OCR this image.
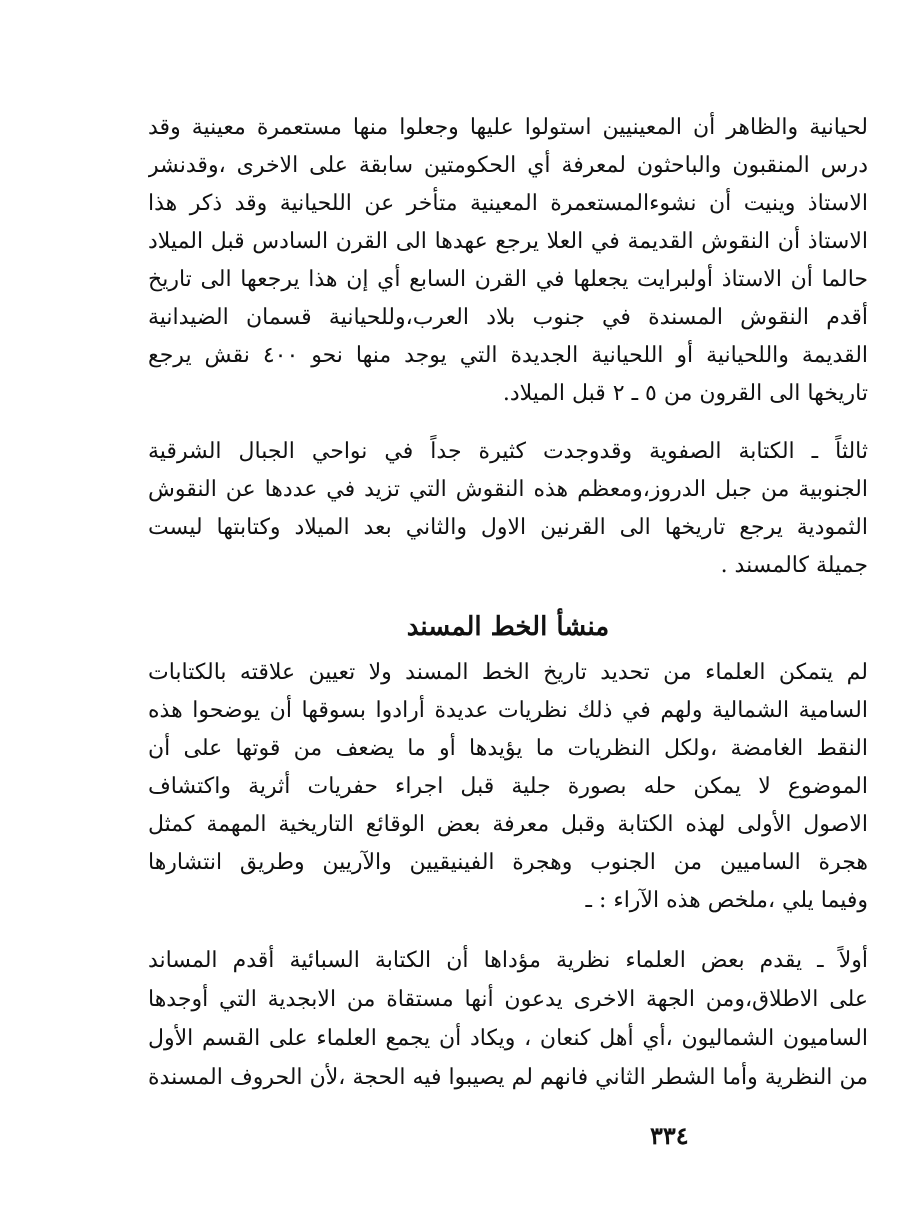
لحيانية والظاهر أن المعينيين استولوا عليها وجعلوا منها مستعمرة معينية وقد
درس المنقبون والباحثون لمعرفة أي الحكومتين سابقة على الاخرى ،وقدنشر
الاستاذ وينيت أن نشوءالمستعمرة المعينية متأخر عن اللحيانية وقد ذكر هذا
الاستاذ أن النقوش القديمة في العلا يرجع عهدها الى القرن السادس قبل الميلاد
حالما أن الاستاذ أولبرايت يجعلها في القرن السابع أي إن هذا يرجعها الى تاريخ
أقدم النقوش المسندة في جنوب بلاد العرب،وللحيانية قسمان الضيدانية
القديمة واللحيانية أو اللحيانية الجديدة التي يوجد منها نحو ٤٠٠ نقش يرجع
تاريخها الى القرون من ٥ ـ ٢ قبل الميلاد.
ثالثاً ـ الكتابة الصفوية وقدوجدت كثيرة جداً في نواحي الجبال الشرقية
الجنوبية من جبل الدروز،ومعظم هذه النقوش التي تزيد في عددها عن النقوش
الثمودية يرجع تاريخها الى القرنين الاول والثاني بعد الميلاد وكتابتها ليست
جميلة كالمسند .
منشأ الخط المسند
لم يتمكن العلماء من تحديد تاريخ الخط المسند ولا تعيين علاقته بالكتابات
السامية الشمالية ولهم في ذلك نظريات عديدة أرادوا بسوقها أن يوضحوا هذه
النقط الغامضة ،ولكل النظريات ما يؤيدها أو ما يضعف من قوتها على أن
الموضوع لا يمكن حله بصورة جلية قبل اجراء حفريات أثرية واكتشاف
الاصول الأولى لهذه الكتابة وقبل معرفة بعض الوقائع التاريخية المهمة كمثل
هجرة الساميين من الجنوب وهجرة الفينيقيين والآريين وطريق انتشارها
وفيما يلي ،ملخص هذه الآراء : ـ
أولاً ـ يقدم بعض العلماء نظرية مؤداها أن الكتابة السبائية أقدم المساند
على الاطلاق،ومن الجهة الاخرى يدعون أنها مستقاة من الابجدية التي أوجدها
الساميون الشماليون ،أي أهل كنعان ، ويكاد أن يجمع العلماء على القسم الأول
من النظرية وأما الشطر الثاني فانهم لم يصيبوا فيه الحجة ،لأن الحروف المسندة
٣٣٤
